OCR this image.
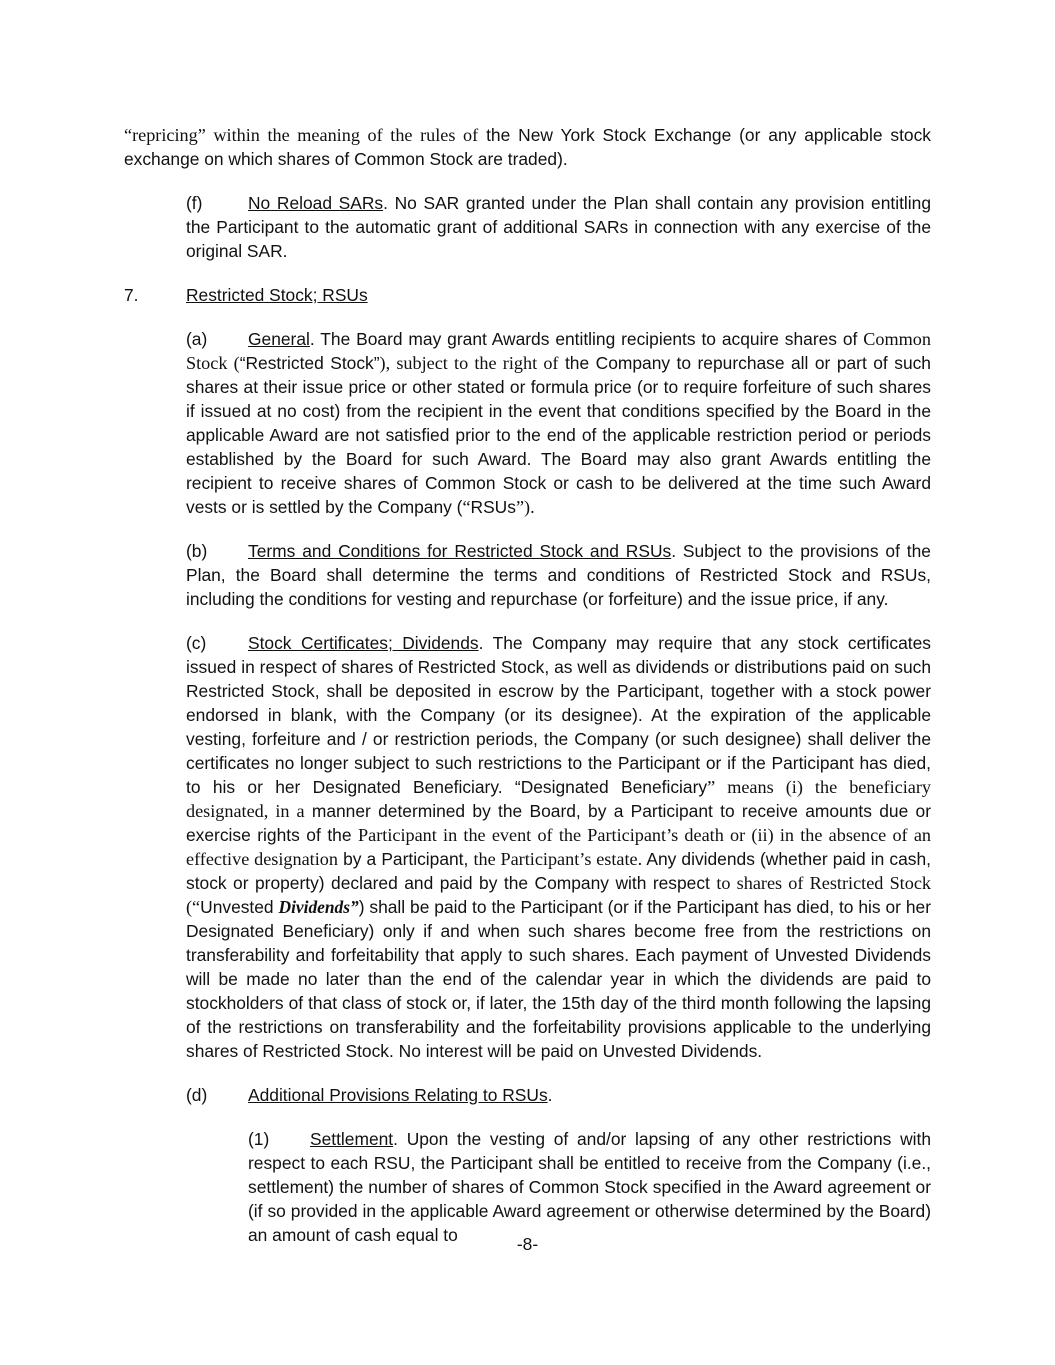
“repricing” within the meaning of the rules of the New York Stock Exchange (or any applicable stock exchange on which shares of Common Stock are traded).

(f)	No Reload SARs. No SAR granted under the Plan shall contain any provision entitling the Participant to the automatic grant of additional SARs in connection with any exercise of the original SAR.

7.	Restricted Stock; RSUs

(a) General. The Board may grant Awards entitling recipients to acquire shares of Common Stock (“Restricted Stock”), subject to the right of the Company to repurchase all or part of such shares at their issue price or other stated or formula price (or to require forfeiture of such shares if issued at no cost) from the recipient in the event that conditions specified by the Board in the applicable Award are not satisfied prior to the end of the applicable restriction period or periods established by the Board for such Award. The Board may also grant Awards entitling the recipient to receive shares of Common Stock or cash to be delivered at the time such Award vests or is settled by the Company (“RSUs”).

(b) Terms and Conditions for Restricted Stock and RSUs. Subject to the provisions of the Plan, the Board shall determine the terms and conditions of Restricted Stock and RSUs, including the conditions for vesting and repurchase (or forfeiture) and the issue price, if any.

(c) Stock Certificates; Dividends. The Company may require that any stock certificates issued in respect of shares of Restricted Stock, as well as dividends or distributions paid on such Restricted Stock, shall be deposited in escrow by the Participant, together with a stock power endorsed in blank, with the Company (or its designee). At the expiration of the applicable vesting, forfeiture and / or restriction periods, the Company (or such designee) shall deliver the certificates no longer subject to such restrictions to the Participant or if the Participant has died, to his or her Designated Beneficiary. “Designated Beneficiary” means (i) the beneficiary designated, in a manner determined by the Board, by a Participant to receive amounts due or exercise rights of the Participant in the event of the Participant’s death or (ii) in the absence of an effective designation by a Participant, the Participant’s estate. Any dividends (whether paid in cash, stock or property) declared and paid by the Company with respect to shares of Restricted Stock (“Unvested Dividends”) shall be paid to the Participant (or if the Participant has died, to his or her Designated Beneficiary) only if and when such shares become free from the restrictions on transferability and forfeitability that apply to such shares. Each payment of Unvested Dividends will be made no later than the end of the calendar year in which the dividends are paid to stockholders of that class of stock or, if later, the 15th day of the third month following the lapsing of the restrictions on transferability and the forfeitability provisions applicable to the underlying shares of Restricted Stock. No interest will be paid on Unvested Dividends.

(d) Additional Provisions Relating to RSUs.

(1) Settlement. Upon the vesting of and/or lapsing of any other restrictions with respect to each RSU, the Participant shall be entitled to receive from the Company (i.e., settlement) the number of shares of Common Stock specified in the Award agreement or (if so provided in the applicable Award agreement or otherwise determined by the Board) an amount of cash equal to	-8-
